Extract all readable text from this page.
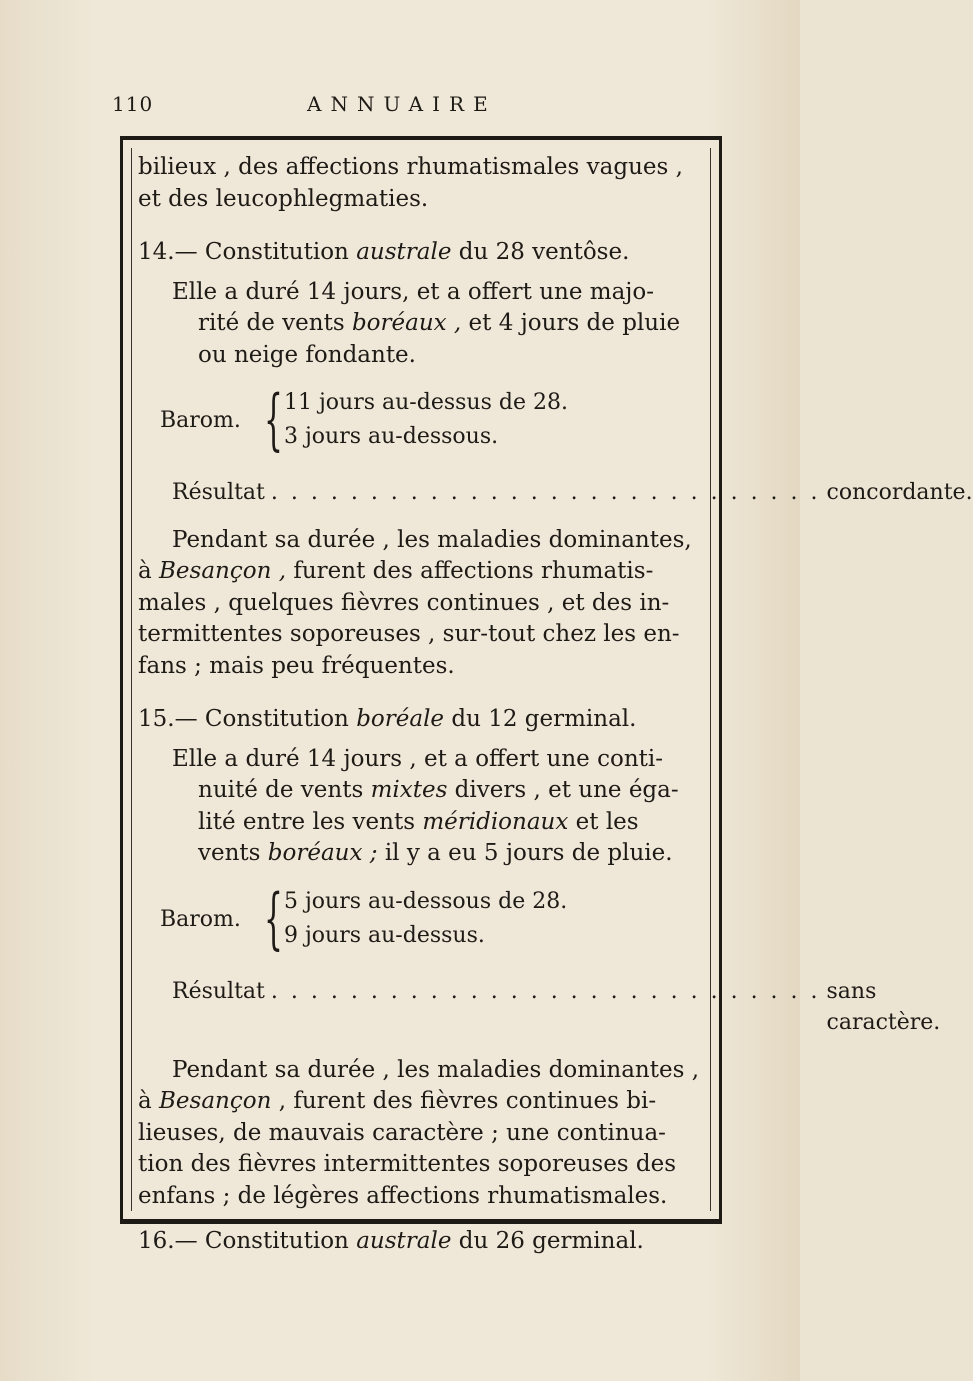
110	ANNUAIRE

bilieux , des affections rhumatismales vagues ,

et des leucophlegmaties.

14.— Constitution australe du 28 ventôse.

Elle a duré 14 jours, et a offert une majo-

rité de vents boréaux , et 4 jours de pluie

ou neige fondante.

Barom. { 11 jours au-dessus de 28.
3 jours au-dessous.
Résultat . . . . . . . . . . . . . . . . . . . . . . . . . . . . concordante.

Pendant sa durée , les maladies dominantes,

à Besançon , furent des affections rhumatis-

males , quelques fièvres continues , et des in-

termittentes soporeuses , sur-tout chez les en-

fans ; mais peu fréquentes.

15.— Constitution boréale du 12 germinal.

Elle a duré 14 jours , et a offert une conti-

nuité de vents mixtes divers , et une éga-

lité entre les vents méridionaux et les

vents boréaux ; il y a eu 5 jours de pluie.

Barom. { 5 jours au-dessous de 28.
9 jours au-dessus.
Résultat . . . . . . . . . . . . . . . . . . . . . . . . . . . . sans caractère.

Pendant sa durée , les maladies dominantes ,

à Besançon , furent des fièvres continues bi-

lieuses, de mauvais caractère ; une continua-

tion des fièvres intermittentes soporeuses des

enfans ; de légères affections rhumatismales.

16.— Constitution australe du 26 germinal.
